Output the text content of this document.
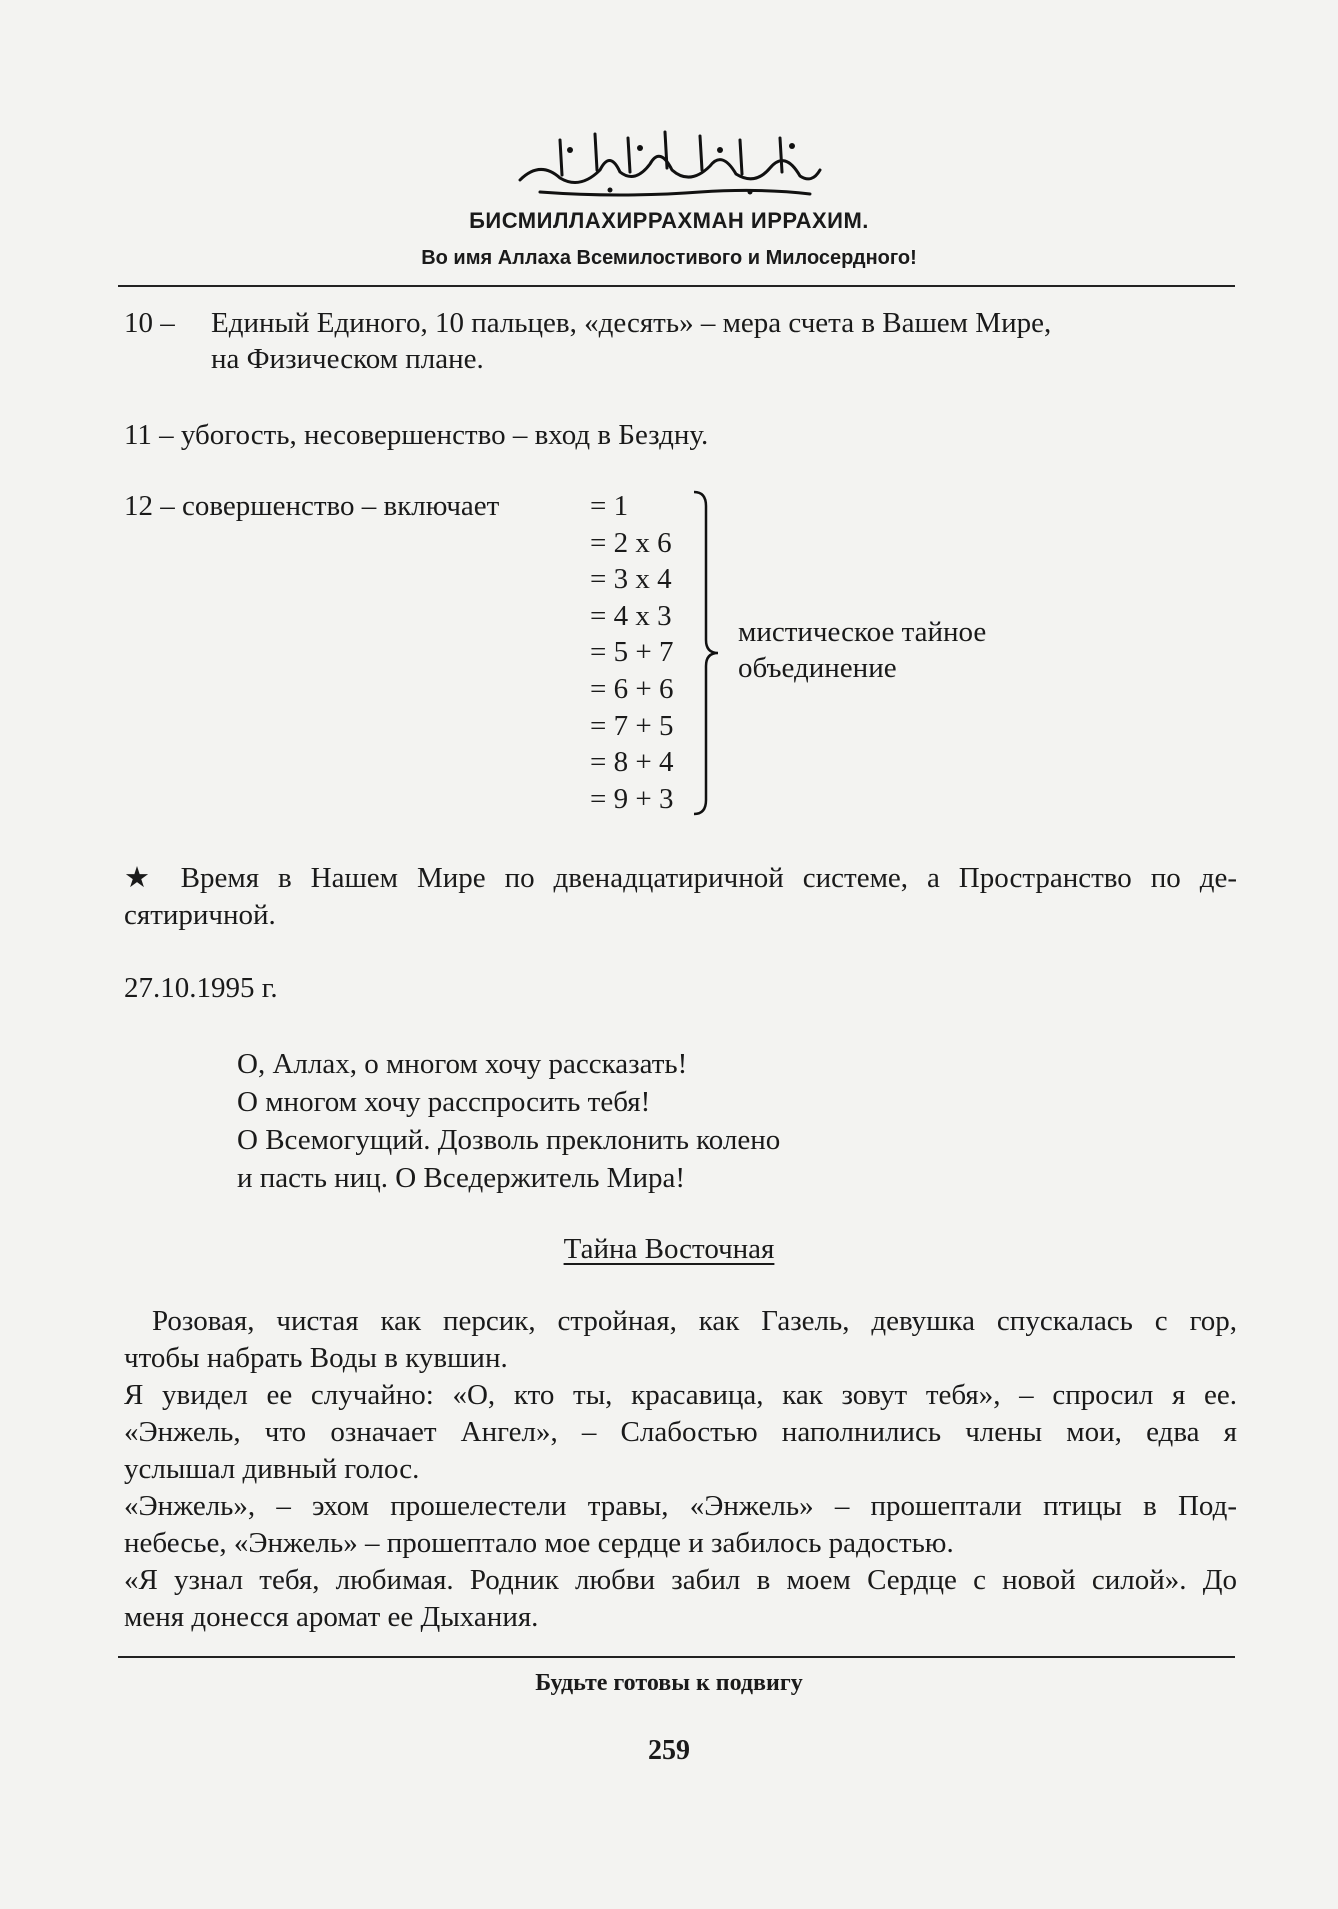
БИСМИЛЛАХИРРАХМАН ИРРАХИМ.
Во имя Аллаха Всемилостивого и Милосердного!
10 – Единый Единого, 10 пальцев, «десять» – мера счета в Вашем Мире,
на Физическом плане.
11 – убогость, несовершенство – вход в Бездну.
12 – совершенство – включает	= 1
= 2 x 6
= 3 x 4
= 4 x 3
= 5 + 7
= 6 + 6
= 7 + 5
= 8 + 4
= 9 + 3
мистическое тайное
объединение
★ Время в Нашем Мире по двенадцатиричной системе, а Пространство по де-
сятиричной.
27.10.1995 г.
О, Аллах, о многом хочу рассказать!
О многом хочу расспросить тебя!
О Всемогущий. Дозволь преклонить колено
и пасть ниц. О Вседержитель Мира!
Тайна Восточная
Розовая, чистая как персик, стройная, как Газель, девушка спускалась с гор,
чтобы набрать Воды в кувшин.
Я увидел ее случайно: «О, кто ты, красавица, как зовут тебя», – спросил я ее.
«Энжель, что означает Ангел», – Слабостью наполнились члены мои, едва я
услышал дивный голос.
«Энжель», – эхом прошелестели травы, «Энжель» – прошептали птицы в Под-
небесье, «Энжель» – прошептало мое сердце и забилось радостью.
«Я узнал тебя, любимая. Родник любви забил в моем Сердце с новой силой». До
меня донесся аромат ее Дыхания.
Будьте готовы к подвигу
259
